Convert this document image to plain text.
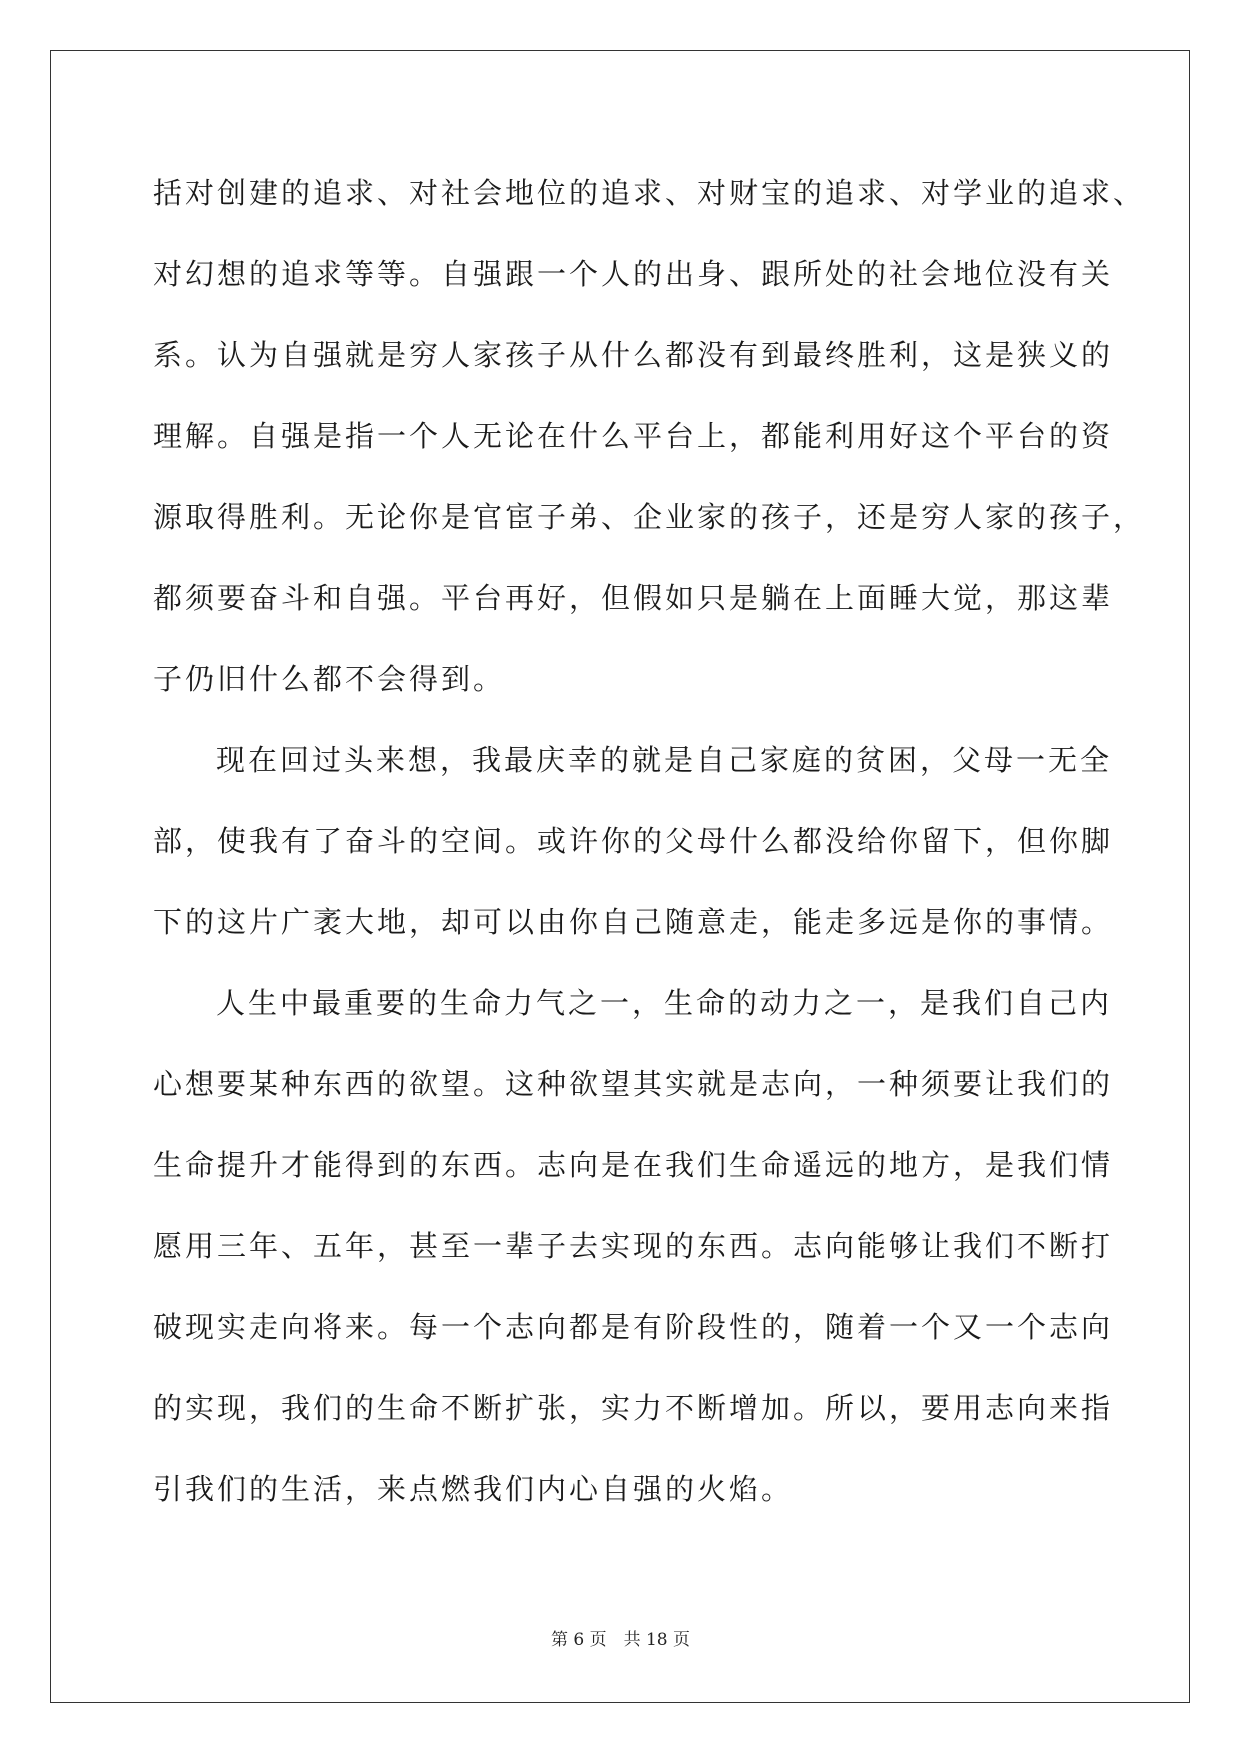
括对创建的追求、对社会地位的追求、对财宝的追求、对学业的追求、
对幻想的追求等等。自强跟一个人的出身、跟所处的社会地位没有关
系。认为自强就是穷人家孩子从什么都没有到最终胜利，这是狭义的
理解。自强是指一个人无论在什么平台上，都能利用好这个平台的资
源取得胜利。无论你是官宦子弟、企业家的孩子，还是穷人家的孩子，
都须要奋斗和自强。平台再好，但假如只是躺在上面睡大觉，那这辈
子仍旧什么都不会得到。
现在回过头来想，我最庆幸的就是自己家庭的贫困，父母一无全
部，使我有了奋斗的空间。或许你的父母什么都没给你留下，但你脚
下的这片广袤大地，却可以由你自己随意走，能走多远是你的事情。
人生中最重要的生命力气之一，生命的动力之一，是我们自己内
心想要某种东西的欲望。这种欲望其实就是志向，一种须要让我们的
生命提升才能得到的东西。志向是在我们生命遥远的地方，是我们情
愿用三年、五年，甚至一辈子去实现的东西。志向能够让我们不断打
破现实走向将来。每一个志向都是有阶段性的，随着一个又一个志向
的实现，我们的生命不断扩张，实力不断增加。所以，要用志向来指
引我们的生活，来点燃我们内心自强的火焰。
第 6 页　共 18 页
